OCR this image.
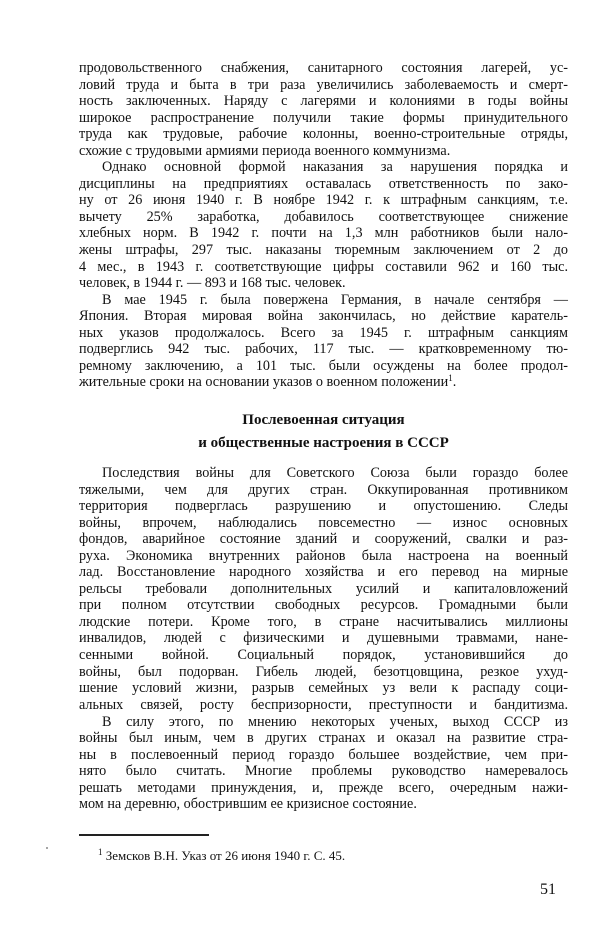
продовольственного снабжения, санитарного состояния лагерей, ус-
ловий труда и быта в три раза увеличились заболеваемость и смерт-
ность заключенных. Наряду с лагерями и колониями в годы войны
широкое распространение получили такие формы принудительного
труда как трудовые, рабочие колонны, военно-строительные отряды,
схожие с трудовыми армиями периода военного коммунизма.
Однако основной формой наказания за нарушения порядка и
дисциплины на предприятиях оставалась ответственность по зако-
ну от 26 июня 1940 г. В ноябре 1942 г. к штрафным санкциям, т.е.
вычету 25% заработка, добавилось соответствующее снижение
хлебных норм. В 1942 г. почти на 1,3 млн работников были нало-
жены штрафы, 297 тыс. наказаны тюремным заключением от 2 до
4 мес., в 1943 г. соответствующие цифры составили 962 и 160 тыс.
человек, в 1944 г. — 893 и 168 тыс. человек.
В мае 1945 г. была повержена Германия, в начале сентября —
Япония. Вторая мировая война закончилась, но действие каратель-
ных указов продолжалось. Всего за 1945 г. штрафным санкциям
подверглись 942 тыс. рабочих, 117 тыс. — кратковременному тю-
ремному заключению, а 101 тыс. были осуждены на более продол-
жительные сроки на основании указов о военном положении$^1$.
Послевоенная ситуация
и общественные настроения в СССР
Последствия войны для Советского Союза были гораздо более
тяжелыми, чем для других стран. Оккупированная противником
территория подверглась разрушению и опустошению. Следы
войны, впрочем, наблюдались повсеместно — износ основных
фондов, аварийное состояние зданий и сооружений, свалки и раз-
руха. Экономика внутренних районов была настроена на военный
лад. Восстановление народного хозяйства и его перевод на мирные
рельсы требовали дополнительных усилий и капиталовложений
при полном отсутствии свободных ресурсов. Громадными были
людские потери. Кроме того, в стране насчитывались миллионы
инвалидов, людей с физическими и душевными травмами, нане-
сенными войной. Социальный порядок, установившийся до
войны, был подорван. Гибель людей, безотцовщина, резкое ухуд-
шение условий жизни, разрыв семейных уз вели к распаду соци-
альных связей, росту беспризорности, преступности и бандитизма.
В силу этого, по мнению некоторых ученых, выход СССР из
войны был иным, чем в других странах и оказал на развитие стра-
ны в послевоенный период гораздо большее воздействие, чем при-
нято было считать. Многие проблемы руководство намеревалось
решать методами принуждения, и, прежде всего, очередным нажи-
мом на деревню, обострившим ее кризисное состояние.
$^1$ Земсков В.Н. Указ от 26 июня 1940 г. С. 45.
51
